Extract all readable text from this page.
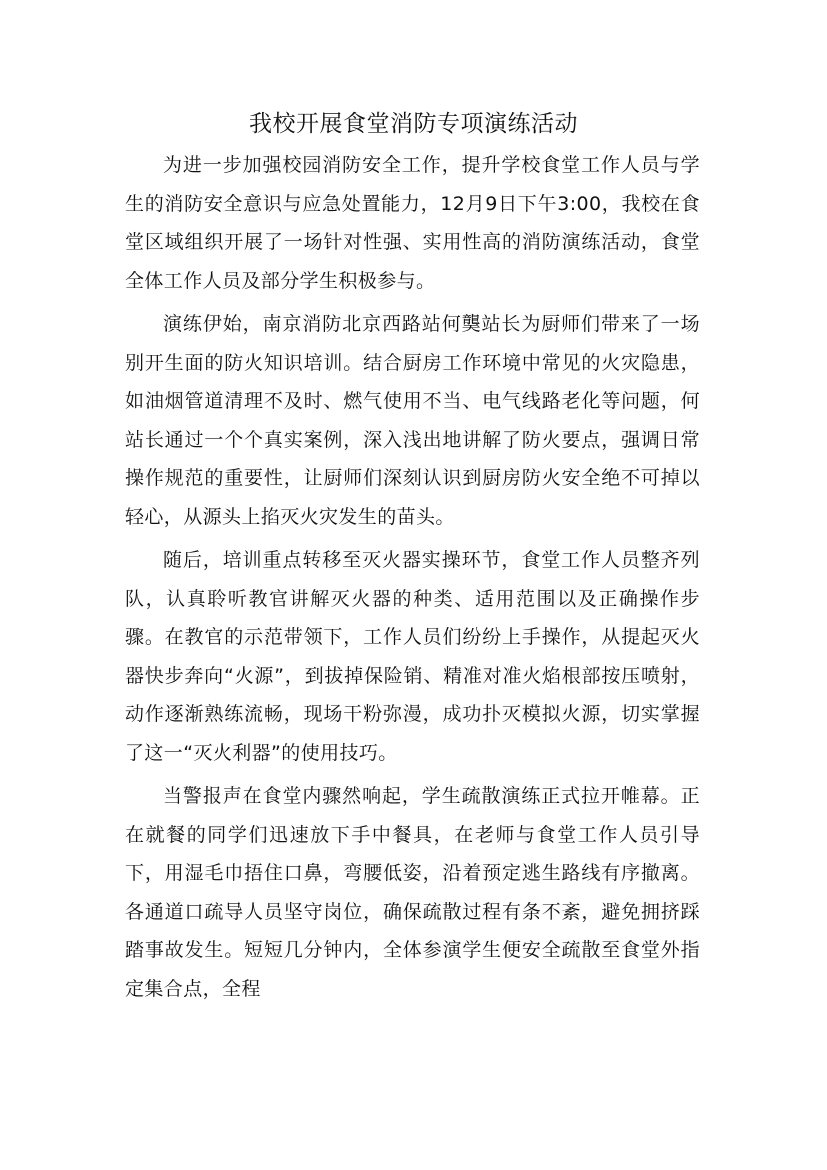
我校开展食堂消防专项演练活动

为进一步加强校园消防安全工作，提升学校食堂工作人员与学生的消防安全意识与应急处置能力，12月9日下午3:00，我校在食堂区域组织开展了一场针对性强、实用性高的消防演练活动，食堂全体工作人员及部分学生积极参与。

演练伊始，南京消防北京西路站何龑站长为厨师们带来了一场别开生面的防火知识培训。结合厨房工作环境中常见的火灾隐患，如油烟管道清理不及时、燃气使用不当、电气线路老化等问题，何站长通过一个个真实案例，深入浅出地讲解了防火要点，强调日常操作规范的重要性，让厨师们深刻认识到厨房防火安全绝不可掉以轻心，从源头上掐灭火灾发生的苗头。

随后，培训重点转移至灭火器实操环节，食堂工作人员整齐列队，认真聆听教官讲解灭火器的种类、适用范围以及正确操作步骤。在教官的示范带领下，工作人员们纷纷上手操作，从提起灭火器快步奔向“火源”，到拔掉保险销、精准对准火焰根部按压喷射，动作逐渐熟练流畅，现场干粉弥漫，成功扑灭模拟火源，切实掌握了这一“灭火利器”的使用技巧。

当警报声在食堂内骤然响起，学生疏散演练正式拉开帷幕。正在就餐的同学们迅速放下手中餐具，在老师与食堂工作人员引导下，用湿毛巾捂住口鼻，弯腰低姿，沿着预定逃生路线有序撤离。各通道口疏导人员坚守岗位，确保疏散过程有条不紊，避免拥挤踩踏事故发生。短短几分钟内，全体参演学生便安全疏散至食堂外指定集合点，全程
